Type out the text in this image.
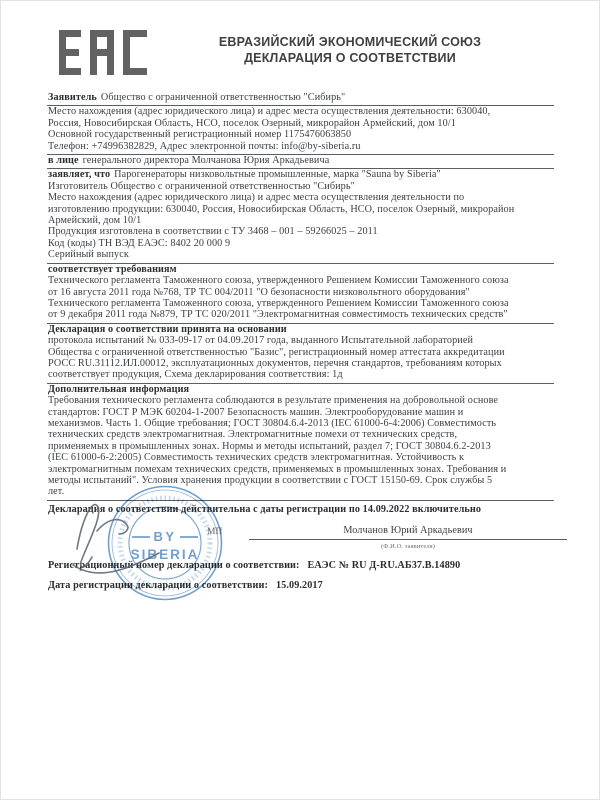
ЕВРАЗИЙСКИЙ ЭКОНОМИЧЕСКИЙ СОЮЗ
ДЕКЛАРАЦИЯ О СООТВЕТСТВИИ
Заявитель Общество с ограниченной ответственностью "Сибирь"
Место нахождения (адрес юридического лица) и адрес места осуществления деятельности: 630040,
Россия, Новосибирская Область, НСО, поселок Озерный, микрорайон Армейский, дом 10/1
Основной государственный регистрационный номер 1175476063850
Телефон: +74996382829, Адрес электронной почты: info@by-siberia.ru
в лице генерального директора Молчанова Юрия Аркадьевича
заявляет, что Парогенераторы низковольтные промышленные, марка "Sauna by Siberia"
Изготовитель Общество с ограниченной ответственностью "Сибирь"
Место нахождения (адрес юридического лица) и адрес места осуществления деятельности по
изготовлению продукции: 630040, Россия, Новосибирская Область, НСО, поселок Озерный, микрорайон
Армейский, дом 10/1
Продукция изготовлена в соответствии с ТУ 3468 – 001 – 59266025 – 2011
Код (коды) ТН ВЭД ЕАЭС: 8402 20 000 9
Серийный выпуск
соответствует требованиям
Технического регламента Таможенного союза, утвержденного Решением Комиссии Таможенного союза
от 16 августа 2011 года №768, ТР ТС 004/2011 "О безопасности низковольтного оборудования"
Технического регламента Таможенного союза, утвержденного Решением Комиссии Таможенного союза
от 9 декабря 2011 года №879, ТР ТС 020/2011 "Электромагнитная совместимость технических средств"
Декларация о соответствии принята на основании
протокола испытаний № 033-09-17 от 04.09.2017 года, выданного Испытательной лабораторией
Общества с ограниченной ответственностью "Базис", регистрационный номер аттестата аккредитации
РОСС RU.31112.ИЛ.00012, эксплуатационных документов, перечня стандартов, требованиям которых
соответствует продукция, Схема декларирования соответствия: 1д
Дополнительная информация
Требования технического регламента соблюдаются в результате применения на добровольной основе
стандартов: ГОСТ Р МЭК 60204-1-2007 Безопасность машин. Электрооборудование машин и
механизмов. Часть 1. Общие требования; ГОСТ 30804.6.4-2013 (IEC 61000-6-4:2006) Совместимость
технических средств электромагнитная. Электромагнитные помехи от технических средств,
применяемых в промышленных зонах. Нормы и методы испытаний, раздел 7; ГОСТ 30804.6.2-2013
(IEC 61000-6-2:2005) Совместимость технических средств электромагнитная. Устойчивость к
электромагнитным помехам технических средств, применяемых в промышленных зонах. Требования и
методы испытаний". Условия хранения продукции в соответствии с ГОСТ 15150-69. Срок службы 5
лет.
Декларация о соответствии действительна с даты регистрации по 14.09.2022 включительно
Молчанов Юрий Аркадьевич
(Ф.И.О. заявителя)
Регистрационный номер декларации о соответствии: ЕАЭС № RU Д-RU.АБ37.В.14890
Дата регистрации декларации о соответствии: 15.09.2017
BY
SIBERIA
МП
